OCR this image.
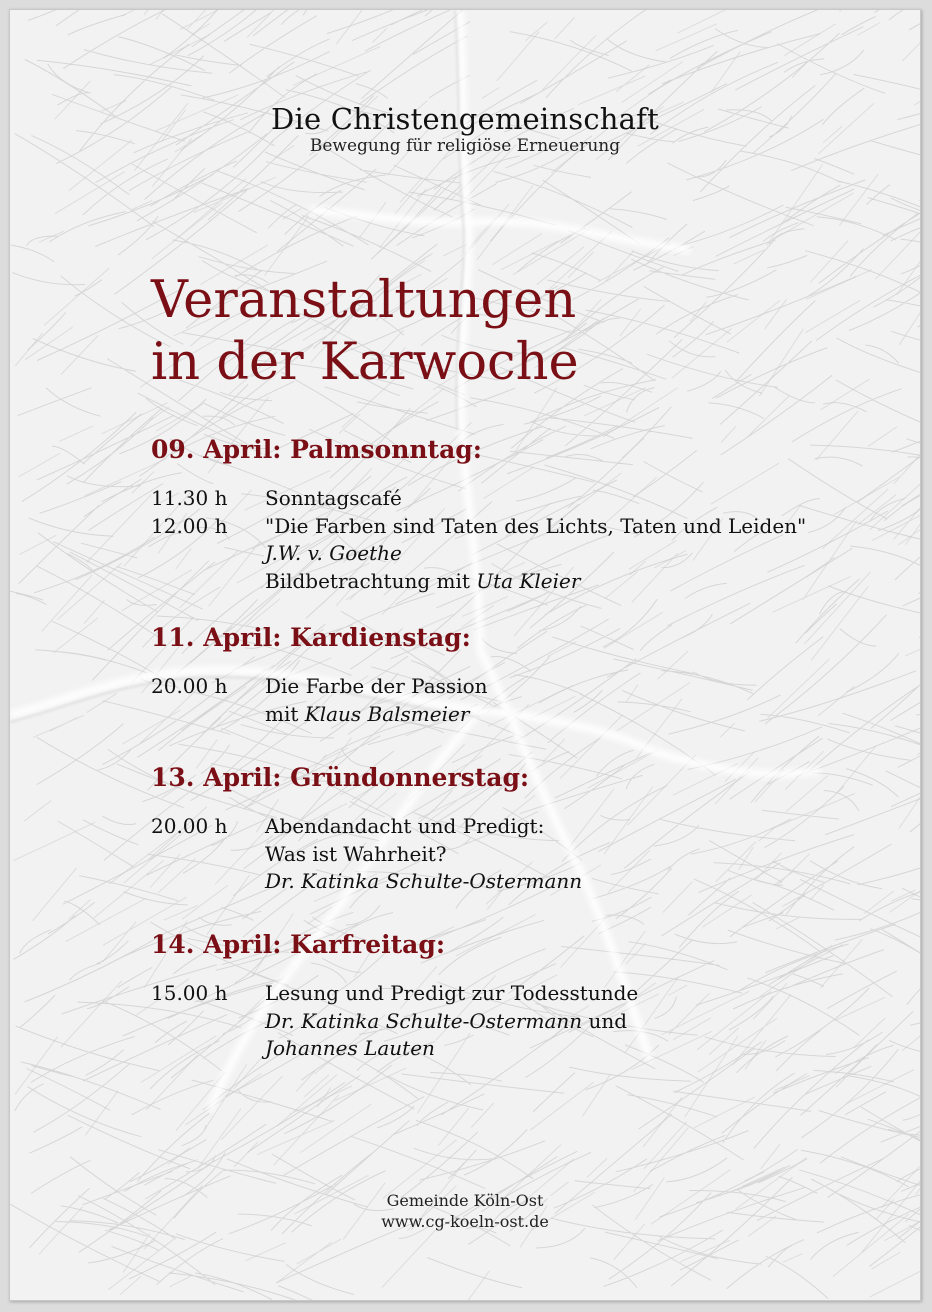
Die Christengemeinschaft
Bewegung für religiöse Erneuerung
Veranstaltungen
in der Karwoche
09. April: Palmsonntag:
11.30 h	Sonntagscafé
12.00 h	"Die Farben sind Taten des Lichts, Taten und Leiden"
J.W. v. Goethe
Bildbetrachtung mit Uta Kleier
11. April: Kardienstag:
20.00 h	Die Farbe der Passion
mit Klaus Balsmeier
13. April: Gründonnerstag:
20.00 h	Abendandacht und Predigt:
Was ist Wahrheit?
Dr. Katinka Schulte-Ostermann
14. April: Karfreitag:
15.00 h	Lesung und Predigt zur Todesstunde
Dr. Katinka Schulte-Ostermann und
Johannes Lauten
Gemeinde Köln-Ost
www.cg-koeln-ost.de
